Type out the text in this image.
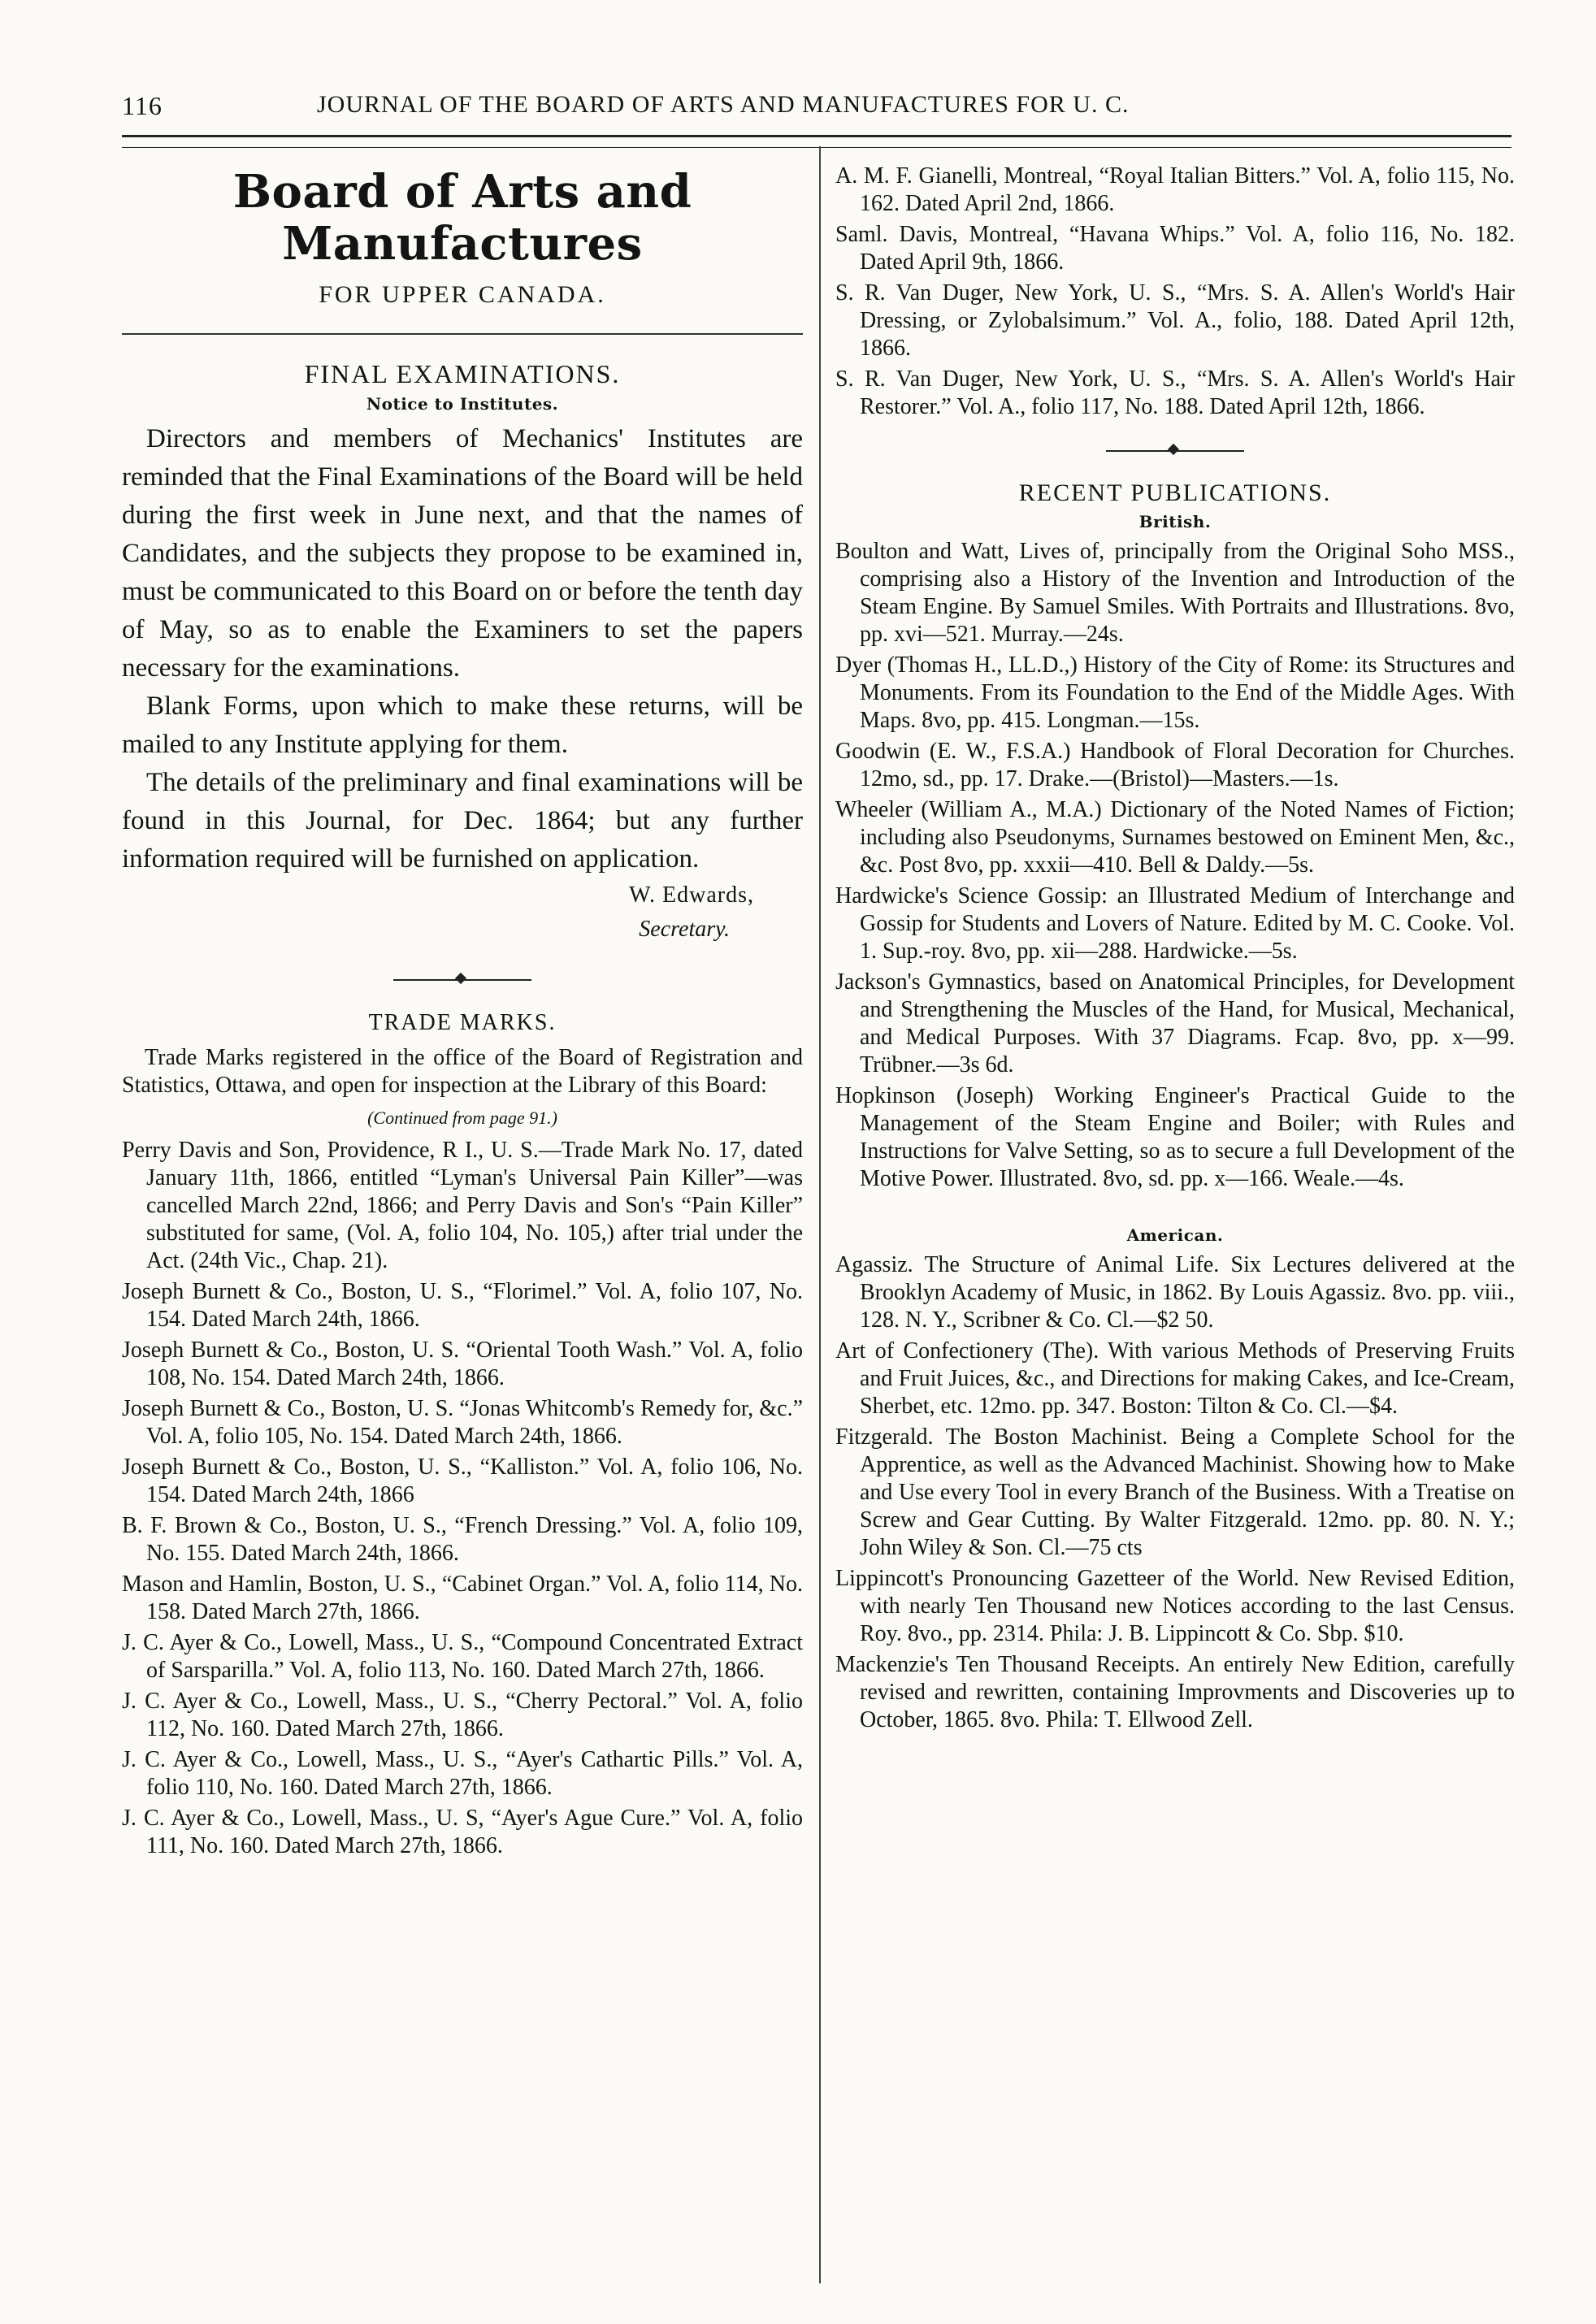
116	JOURNAL OF THE BOARD OF ARTS AND MANUFACTURES FOR U. C.
Board of Arts and Manufactures
FOR UPPER CANADA.
FINAL EXAMINATIONS.
Notice to Institutes.

Directors and members of Mechanics' Institutes are reminded that the Final Examinations of the Board will be held during the first week in June next, and that the names of Candidates, and the subjects they propose to be examined in, must be communicated to this Board on or before the tenth day of May, so as to enable the Examiners to set the papers necessary for the examinations.

Blank Forms, upon which to make these returns, will be mailed to any Institute applying for them.

The details of the preliminary and final examinations will be found in this Journal, for Dec. 1864; but any further information required will be furnished on application.

W. Edwards,
Secretary.
TRADE MARKS.

Trade Marks registered in the office of the Board of Registration and Statistics, Ottawa, and open for inspection at the Library of this Board:

(Continued from page 91.)

Perry Davis and Son, Providence, R I., U. S.—Trade Mark No. 17, dated January 11th, 1866, entitled “Lyman's Universal Pain Killer”—was cancelled March 22nd, 1866; and Perry Davis and Son's “Pain Killer” substituted for same, (Vol. A, folio 104, No. 105,) after trial under the Act. (24th Vic., Chap. 21).

Joseph Burnett & Co., Boston, U. S., “Florimel.” Vol. A, folio 107, No. 154. Dated March 24th, 1866.

Joseph Burnett & Co., Boston, U. S. “Oriental Tooth Wash.” Vol. A, folio 108, No. 154. Dated March 24th, 1866.

Joseph Burnett & Co., Boston, U. S. “Jonas Whitcomb's Remedy for, &c.” Vol. A, folio 105, No. 154. Dated March 24th, 1866.

Joseph Burnett & Co., Boston, U. S., “Kalliston.” Vol. A, folio 106, No. 154. Dated March 24th, 1866

B. F. Brown & Co., Boston, U. S., “French Dressing.” Vol. A, folio 109, No. 155. Dated March 24th, 1866.

Mason and Hamlin, Boston, U. S., “Cabinet Organ.” Vol. A, folio 114, No. 158. Dated March 27th, 1866.

J. C. Ayer & Co., Lowell, Mass., U. S., “Compound Concentrated Extract of Sarsparilla.” Vol. A, folio 113, No. 160. Dated March 27th, 1866.

J. C. Ayer & Co., Lowell, Mass., U. S., “Cherry Pectoral.” Vol. A, folio 112, No. 160. Dated March 27th, 1866.

J. C. Ayer & Co., Lowell, Mass., U. S., “Ayer's Cathartic Pills.” Vol. A, folio 110, No. 160. Dated March 27th, 1866.

J. C. Ayer & Co., Lowell, Mass., U. S, “Ayer's Ague Cure.” Vol. A, folio 111, No. 160. Dated March 27th, 1866.

A. M. F. Gianelli, Montreal, “Royal Italian Bitters.” Vol. A, folio 115, No. 162. Dated April 2nd, 1866.

Saml. Davis, Montreal, “Havana Whips.” Vol. A, folio 116, No. 182. Dated April 9th, 1866.

S. R. Van Duger, New York, U. S., “Mrs. S. A. Allen's World's Hair Dressing, or Zylobalsimum.” Vol. A., folio, 188. Dated April 12th, 1866.

S. R. Van Duger, New York, U. S., “Mrs. S. A. Allen's World's Hair Restorer.” Vol. A., folio 117, No. 188. Dated April 12th, 1866.

RECENT PUBLICATIONS.
British.

Boulton and Watt, Lives of, principally from the Original Soho MSS., comprising also a History of the Invention and Introduction of the Steam Engine. By Samuel Smiles. With Portraits and Illustrations. 8vo, pp. xvi—521. Murray.—24s.

Dyer (Thomas H., LL.D.,) History of the City of Rome: its Structures and Monuments. From its Foundation to the End of the Middle Ages. With Maps. 8vo, pp. 415. Longman.—15s.

Goodwin (E. W., F.S.A.) Handbook of Floral Decoration for Churches. 12mo, sd., pp. 17. Drake.—(Bristol)—Masters.—1s.

Wheeler (William A., M.A.) Dictionary of the Noted Names of Fiction; including also Pseudonyms, Surnames bestowed on Eminent Men, &c., &c. Post 8vo, pp. xxxii—410. Bell & Daldy.—5s.

Hardwicke's Science Gossip: an Illustrated Medium of Interchange and Gossip for Students and Lovers of Nature. Edited by M. C. Cooke. Vol. 1. Sup.-roy. 8vo, pp. xii—288. Hardwicke.—5s.

Jackson's Gymnastics, based on Anatomical Principles, for Development and Strengthening the Muscles of the Hand, for Musical, Mechanical, and Medical Purposes. With 37 Diagrams. Fcap. 8vo, pp. x—99. Trübner.—3s 6d.

Hopkinson (Joseph) Working Engineer's Practical Guide to the Management of the Steam Engine and Boiler; with Rules and Instructions for Valve Setting, so as to secure a full Development of the Motive Power. Illustrated. 8vo, sd. pp. x—166. Weale.—4s.

American.

Agassiz. The Structure of Animal Life. Six Lectures delivered at the Brooklyn Academy of Music, in 1862. By Louis Agassiz. 8vo. pp. viii., 128. N. Y., Scribner & Co. Cl.—$2 50.

Art of Confectionery (The). With various Methods of Preserving Fruits and Fruit Juices, &c., and Directions for making Cakes, and Ice-Cream, Sherbet, etc. 12mo. pp. 347. Boston: Tilton & Co. Cl.—$4.

Fitzgerald. The Boston Machinist. Being a Complete School for the Apprentice, as well as the Advanced Machinist. Showing how to Make and Use every Tool in every Branch of the Business. With a Treatise on Screw and Gear Cutting. By Walter Fitzgerald. 12mo. pp. 80. N. Y.; John Wiley & Son. Cl.—75 cts

Lippincott's Pronouncing Gazetteer of the World. New Revised Edition, with nearly Ten Thousand new Notices according to the last Census. Roy. 8vo., pp. 2314. Phila: J. B. Lippincott & Co. Sbp. $10.

Mackenzie's Ten Thousand Receipts. An entirely New Edition, carefully revised and rewritten, containing Improvments and Discoveries up to October, 1865. 8vo. Phila: T. Ellwood Zell.
